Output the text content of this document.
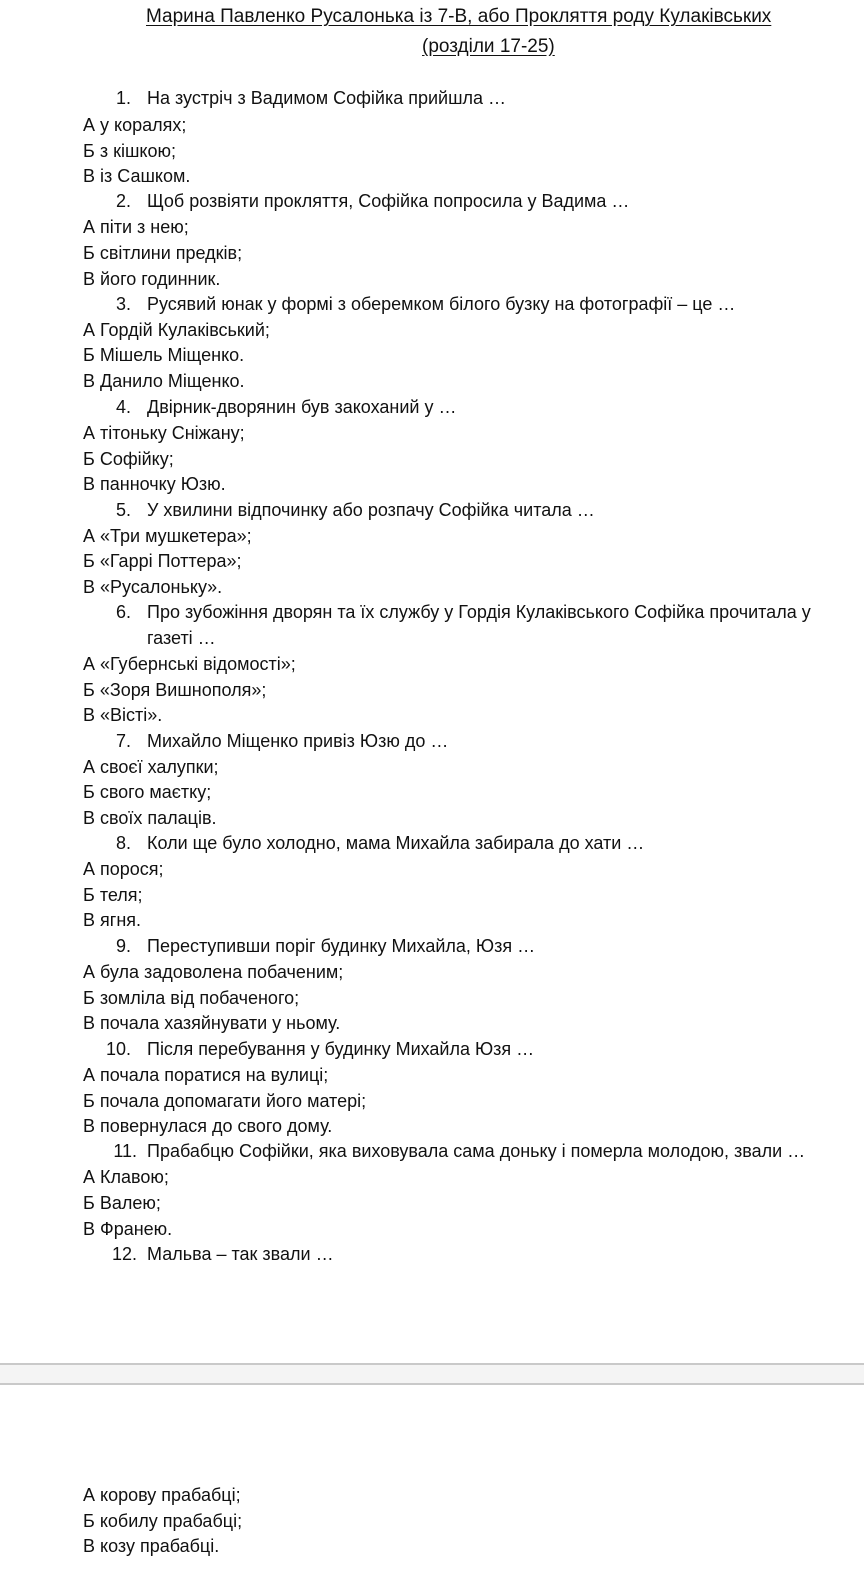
Марина Павленко Русалонька із 7-В, або Прокляття роду Кулаківських
(розділи 17-25)
1. На зустріч з Вадимом Софійка прийшла …
А у коралях;
Б з кішкою;
В із Сашком.
2. Щоб розвіяти прокляття, Софійка попросила у Вадима …
А піти з нею;
Б світлини предків;
В його годинник.
3. Русявий юнак у формі з оберемком білого бузку на фотографії – це …
А Гордій Кулаківський;
Б Мішель Міщенко.
В Данило Міщенко.
4. Двірник-дворянин був закоханий у …
А тітоньку Сніжану;
Б Софійку;
В панночку Юзю.
5. У хвилини відпочинку або розпачу Софійка читала …
А «Три мушкетера»;
Б «Гаррі Поттера»;
В «Русалоньку».
6. Про зубожіння дворян та їх службу у Гордія Кулаківського Софійка прочитала у
газеті …
А «Губернські відомості»;
Б «Зоря Вишнополя»;
В «Вісті».
7. Михайло Міщенко привіз Юзю до …
А своєї халупки;
Б свого маєтку;
В своїх палаців.
8. Коли ще було холодно, мама Михайла забирала до хати …
А порося;
Б теля;
В ягня.
9. Переступивши поріг будинку Михайла, Юзя …
А була задоволена побаченим;
Б зомліла від побаченого;
В почала хазяйнувати у ньому.
10. Після перебування у будинку Михайла Юзя …
А почала поратися на вулиці;
Б почала допомагати його матері;
В повернулася до свого дому.
11. Прабабцю Софійки, яка виховувала сама доньку і померла молодою, звали …
А Клавою;
Б Валею;
В Франею.
12. Мальва – так звали …
А корову прабабці;
Б кобилу прабабці;
В козу прабабці.
